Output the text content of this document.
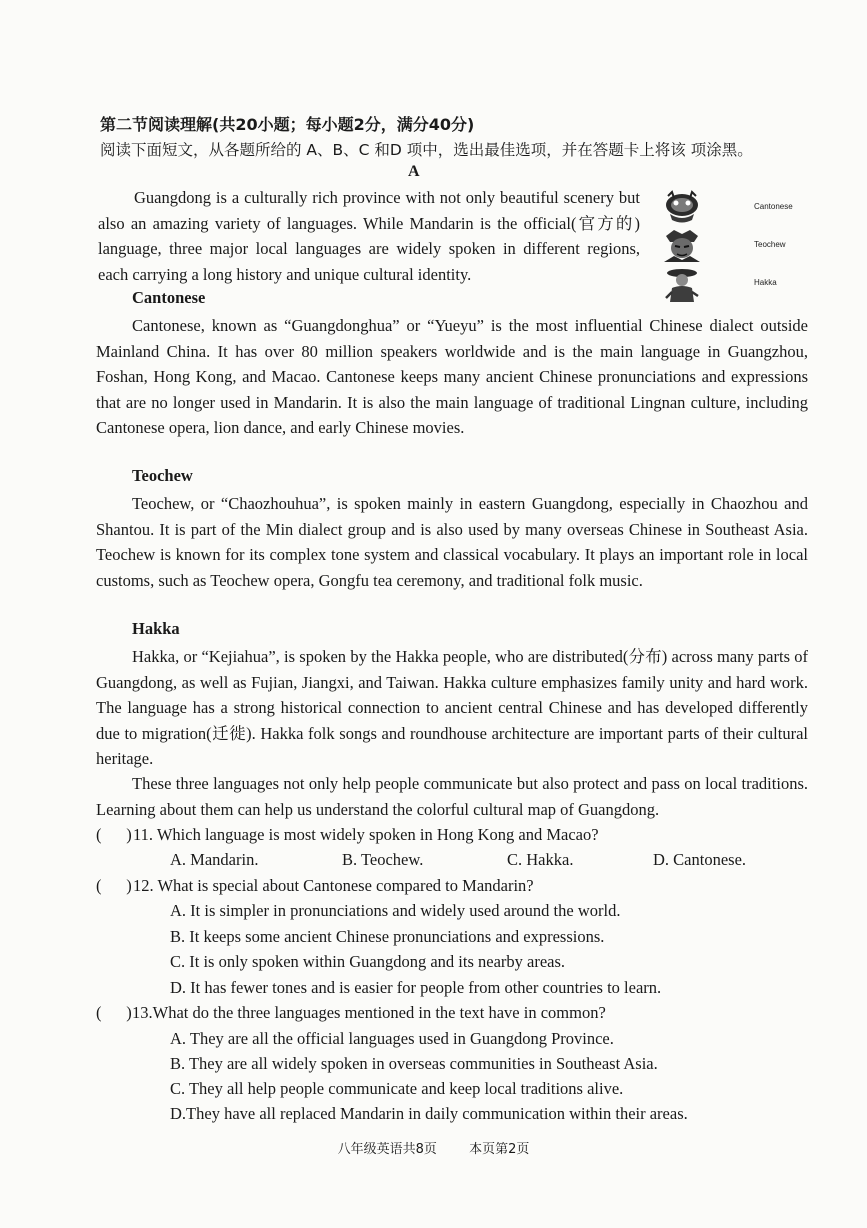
第二节阅读理解(共20小题；每小题2分，满分40分)
阅读下面短文，从各题所给的 A、B、C 和D 项中，选出最佳选项，并在答题卡上将该 项涂黑。
A
Guangdong is a culturally rich province with not only beautiful scenery but also an amazing variety of languages. While Mandarin is the official(官方的) language, three major local languages are widely spoken in different regions, each carrying a long history and unique cultural identity.
Cantonese
Teochew
Hakka
Cantonese
Cantonese, known as “Guangdonghua” or “Yueyu” is the most influential Chinese dialect outside Mainland China. It has over 80 million speakers worldwide and is the main language in Guangzhou, Foshan, Hong Kong, and Macao. Cantonese keeps many ancient Chinese pronunciations and expressions that are no longer used in Mandarin. It is also the main language of traditional Lingnan culture, including Cantonese opera, lion dance, and early Chinese movies.
Teochew
Teochew, or “Chaozhouhua”, is spoken mainly in eastern Guangdong, especially in Chaozhou and Shantou. It is part of the Min dialect group and is also used by many overseas Chinese in Southeast Asia. Teochew is known for its complex tone system and classical vocabulary. It plays an important role in local customs, such as Teochew opera, Gongfu tea ceremony, and traditional folk music.
Hakka
Hakka, or “Kejiahua”, is spoken by the Hakka people, who are distributed(分布) across many parts of Guangdong, as well as Fujian, Jiangxi, and Taiwan. Hakka culture emphasizes family unity and hard work. The language has a strong historical connection to ancient central Chinese and has developed differently due to migration(迁徙). Hakka folk songs and roundhouse architecture are important parts of their cultural heritage.
These three languages not only help people communicate but also protect and pass on local traditions. Learning about them can help us understand the colorful cultural map of Guangdong.
(      ) 11. Which language is most widely spoken in Hong Kong and Macao?
A. Mandarin.	B. Teochew.	C. Hakka.	D. Cantonese.
(      ) 12. What is special about Cantonese compared to Mandarin?
A. It is simpler in pronunciations and widely used around the world.
B. It keeps some ancient Chinese pronunciations and expressions.
C. It is only spoken within Guangdong and its nearby areas.
D. It has fewer tones and is easier for people from other countries to learn.
(      ) 13.What do the three languages mentioned in the text have in common?
A. They are all the official languages used in Guangdong Province.
B. They are all widely spoken in overseas communities in Southeast Asia.
C. They all help people communicate and keep local traditions alive.
D.They have all replaced Mandarin in daily communication within their areas.
八年级英语共8页 本页第2页
